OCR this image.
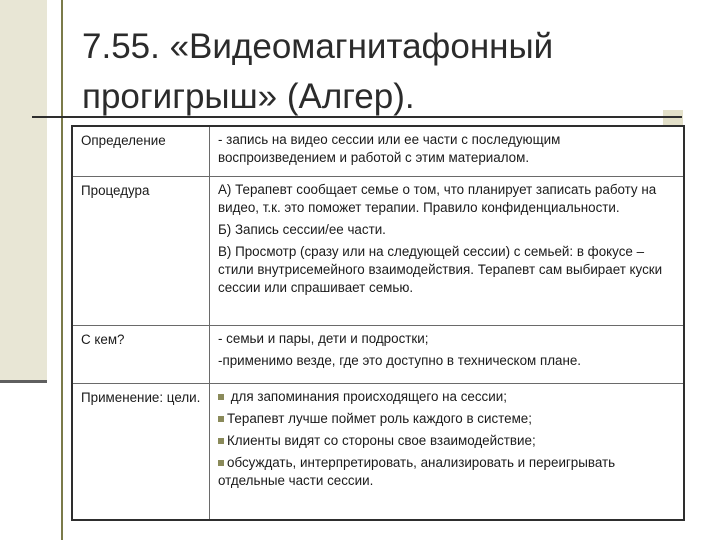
7.55. «Видеомагнитафонный
прогигрыш» (Алгер).
Определение	- запись на видео сессии или ее части с последующим воспроизведением и работой с этим материалом.

Процедура	А) Терапевт сообщает семье о том, что планирует записать работу на видео, т.к. это поможет терапии. Правило конфиденциальности.
Б) Запись сессии/ее части.
В) Просмотр (сразу или на следующей сессии) с семьей: в фокусе – стили внутрисемейного взаимодействия. Терапевт сам выбирает куски сессии или спрашивает семью.

С кем?	- семьи и пары, дети и подростки;
-применимо везде, где это доступно в техническом плане.

Применение: цели.	для запоминания происходящего на сессии;
Терапевт лучше поймет роль каждого в системе;
Клиенты видят со стороны свое взаимодействие;
обсуждать, интерпретировать, анализировать и переигрывать отдельные части сессии.
